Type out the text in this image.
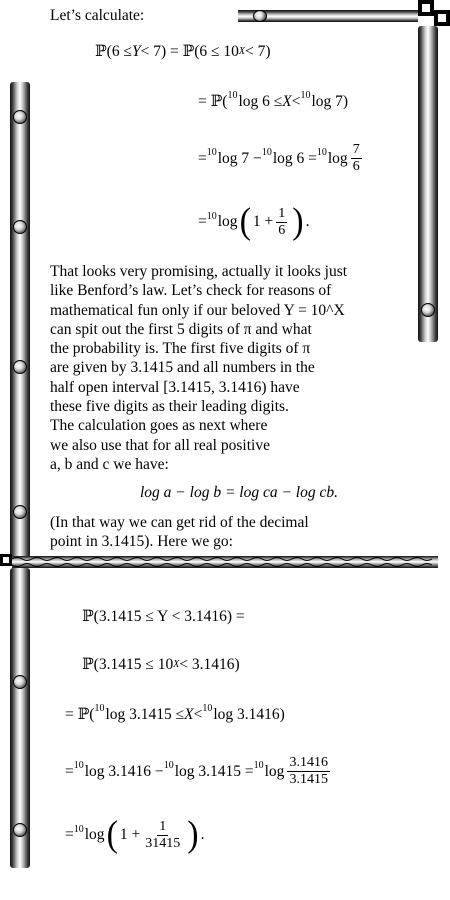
Let’s calculate:
ℙ(6 ≤ Y < 7) = ℙ(6 ≤ 10 X < 7)
= ℙ( 10 log 6 ≤ X < 10 log 7)
= 10 log 7 − 10 log 6 = 10 $\log \frac{7}{6}$
= 10 log ( $1 + \frac{1}{6}$ ) .
That looks very promising, actually it looks just
like Benford’s law. Let’s check for reasons of
mathematical fun only if our beloved Y = 10^X
can spit out the first 5 digits of π and what
the probability is. The first five digits of π
are given by 3.1415 and all numbers in the
half open interval [3.1415, 3.1416) have
these five digits as their leading digits.
The calculation goes as next where
we also use that for all real positive
a, b and c we have:
log a − log b = log ca − log cb.
(In that way we can get rid of the decimal
point in 3.1415). Here we go:
ℙ(3.1415 ≤ Y < 3.1416) =
ℙ(3.1415 ≤ 10 X < 3.1416)
= ℙ( 10 log 3.1415 ≤ X < 10 log 3.1416)
= 10 log 3.1416 − 10 log 3.1415 = 10 $\log \frac{3.1416}{3.1415}$
= 10 log ( $1 + \frac{1}{31415}$ ) .
